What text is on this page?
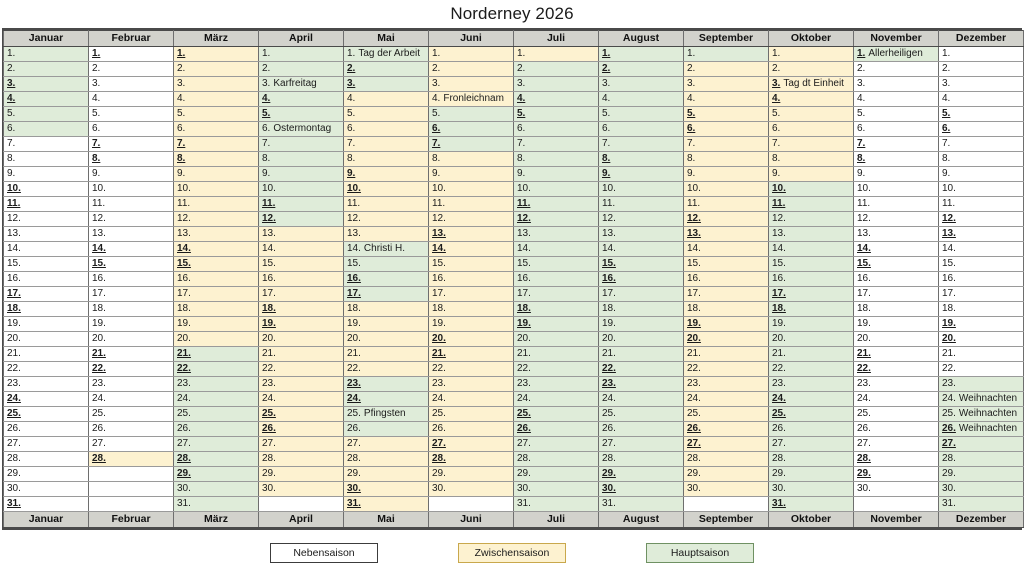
Norderney 2026
Januar	Februar	März	April	Mai	Juni	Juli	August	September	Oktober	November	Dezember

1.	1.	1.	1.	1. Tag der Arbeit	1.	1.	1.	1.	1.	1. Allerheiligen	1.

2.	2.	2.	2.	2.	2.	2.	2.	2.	2.	2.	2.

3.	3.	3.	3. Karfreitag	3.	3.	3.	3.	3.	3. Tag dt Einheit	3.	3.

4.	4.	4.	4.	4.	4. Fronleichnam	4.	4.	4.	4.	4.	4.

5.	5.	5.	5.	5.	5.	5.	5.	5.	5.	5.	5.

6.	6.	6.	6. Ostermontag	6.	6.	6.	6.	6.	6.	6.	6.

7.	7.	7.	7.	7.	7.	7.	7.	7.	7.	7.	7.

8.	8.	8.	8.	8.	8.	8.	8.	8.	8.	8.	8.

9.	9.	9.	9.	9.	9.	9.	9.	9.	9.	9.	9.

10.	10.	10.	10.	10.	10.	10.	10.	10.	10.	10.	10.

11.	11.	11.	11.	11.	11.	11.	11.	11.	11.	11.	11.

12.	12.	12.	12.	12.	12.	12.	12.	12.	12.	12.	12.

13.	13.	13.	13.	13.	13.	13.	13.	13.	13.	13.	13.

14.	14.	14.	14.	14. Christi H.	14.	14.	14.	14.	14.	14.	14.

15.	15.	15.	15.	15.	15.	15.	15.	15.	15.	15.	15.

16.	16.	16.	16.	16.	16.	16.	16.	16.	16.	16.	16.

17.	17.	17.	17.	17.	17.	17.	17.	17.	17.	17.	17.

18.	18.	18.	18.	18.	18.	18.	18.	18.	18.	18.	18.

19.	19.	19.	19.	19.	19.	19.	19.	19.	19.	19.	19.

20.	20.	20.	20.	20.	20.	20.	20.	20.	20.	20.	20.

21.	21.	21.	21.	21.	21.	21.	21.	21.	21.	21.	21.

22.	22.	22.	22.	22.	22.	22.	22.	22.	22.	22.	22.

23.	23.	23.	23.	23.	23.	23.	23.	23.	23.	23.	23.

24.	24.	24.	24.	24.	24.	24.	24.	24.	24.	24.	24. Weihnachten

25.	25.	25.	25.	25. Pfingsten	25.	25.	25.	25.	25.	25.	25. Weihnachten

26.	26.	26.	26.	26.	26.	26.	26.	26.	26.	26.	26. Weihnachten

27.	27.	27.	27.	27.	27.	27.	27.	27.	27.	27.	27.

28.	28.	28.	28.	28.	28.	28.	28.	28.	28.	28.	28.

29.		29.	29.	29.	29.	29.	29.	29.	29.	29.	29.

30.		30.	30.	30.	30.	30.	30.	30.	30.	30.	30.

31.		31.		31.		31.	31.		31.		31.

Januar	Februar	März	April	Mai	Juni	Juli	August	September	Oktober	November	Dezember
Nebensaison	Zwischensaison	Hauptsaison
